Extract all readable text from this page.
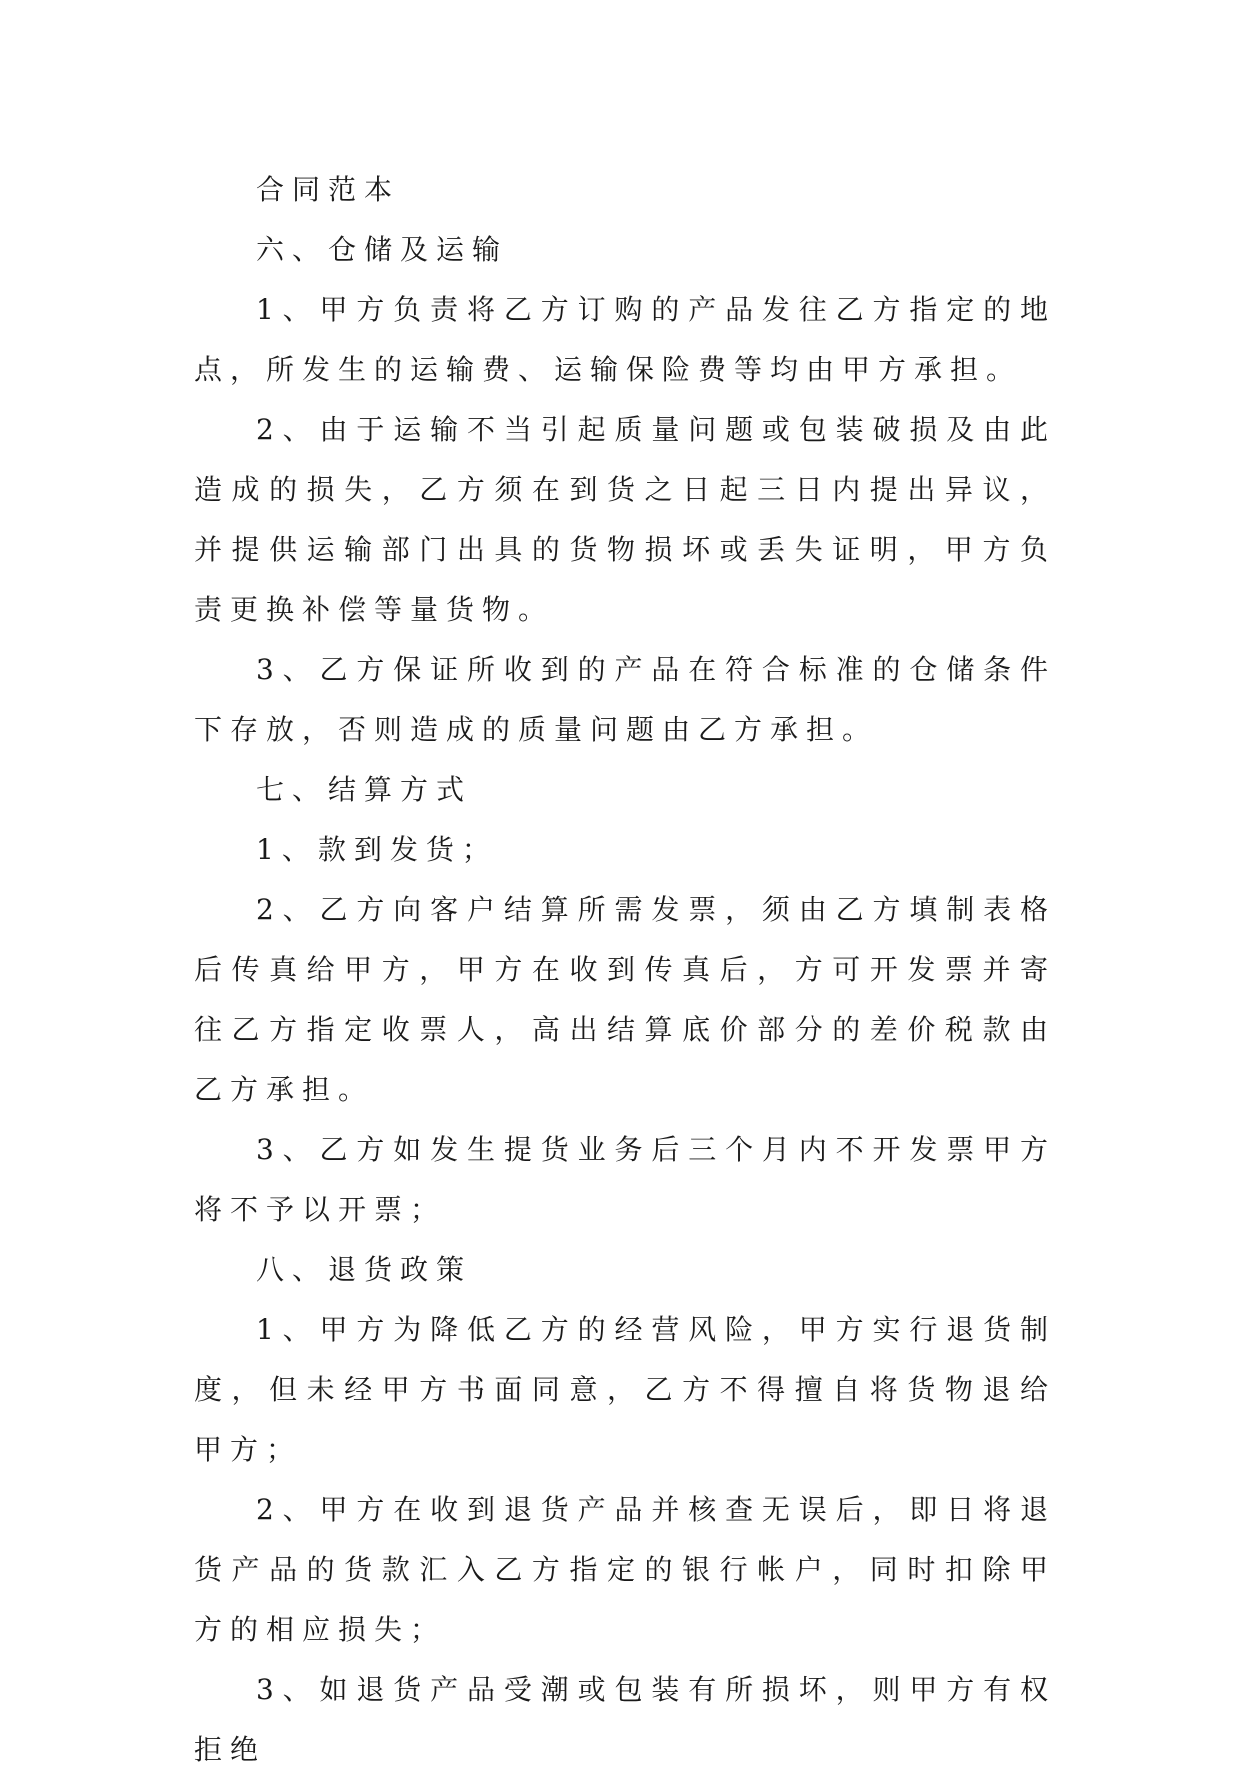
合同范本

六、仓储及运输

1、甲方负责将乙方订购的产品发往乙方指定的地点，所发生的运输费、运输保险费等均由甲方承担。

2、由于运输不当引起质量问题或包装破损及由此造成的损失，乙方须在到货之日起三日内提出异议，并提供运输部门出具的货物损坏或丢失证明，甲方负责更换补偿等量货物。

3、乙方保证所收到的产品在符合标准的仓储条件下存放，否则造成的质量问题由乙方承担。

七、结算方式

1、款到发货；

2、乙方向客户结算所需发票，须由乙方填制表格后传真给甲方，甲方在收到传真后，方可开发票并寄往乙方指定收票人，高出结算底价部分的差价税款由乙方承担。

3、乙方如发生提货业务后三个月内不开发票甲方将不予以开票；

八、退货政策

1、甲方为降低乙方的经营风险，甲方实行退货制度，但未经甲方书面同意，乙方不得擅自将货物退给甲方；

2、甲方在收到退货产品并核查无误后，即日将退货产品的货款汇入乙方指定的银行帐户，同时扣除甲方的相应损失；

3、如退货产品受潮或包装有所损坏，则甲方有权拒绝
